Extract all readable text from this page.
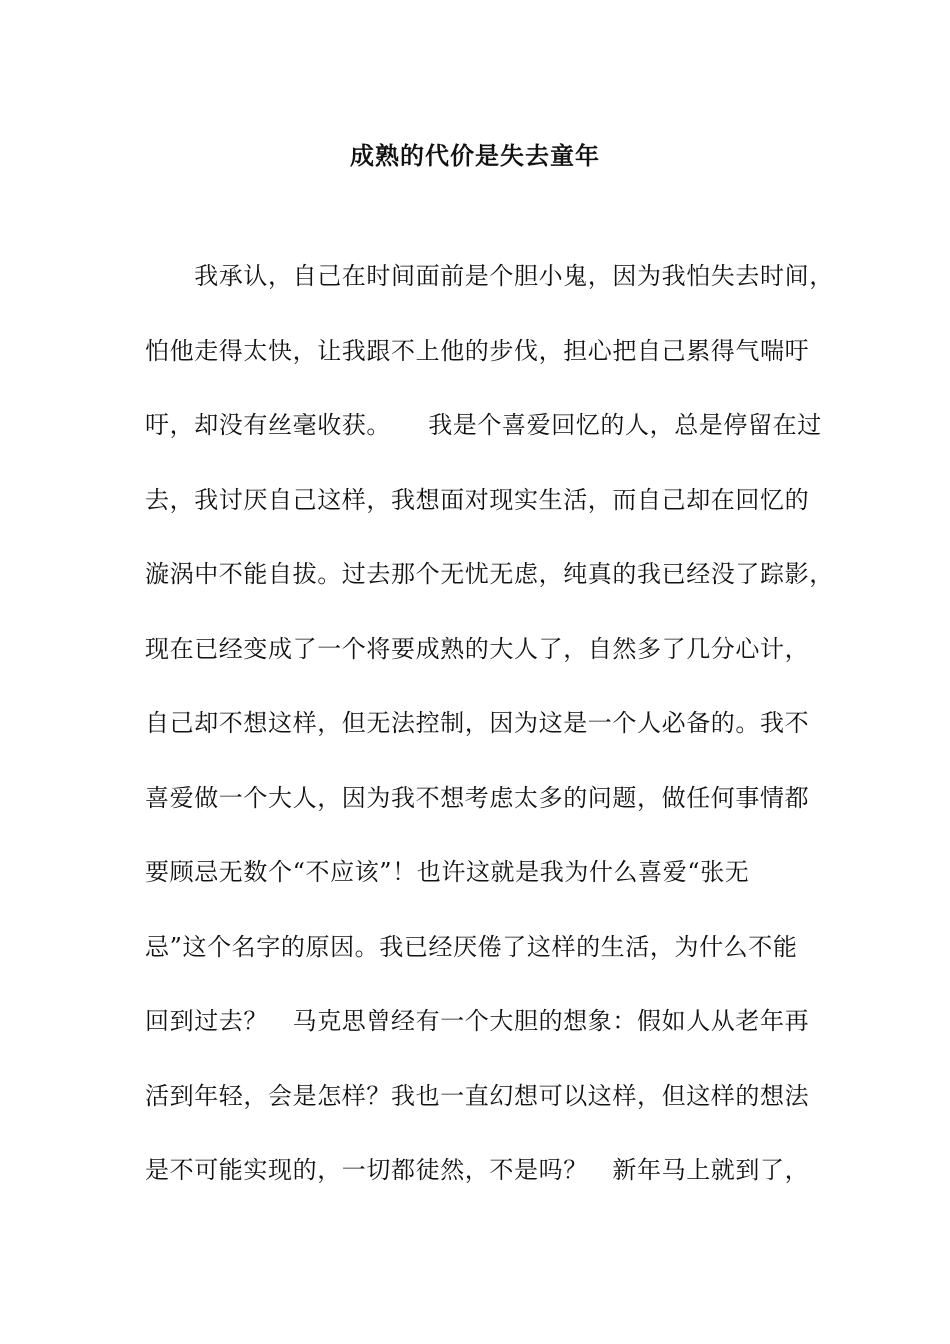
成熟的代价是失去童年
　　我承认，自己在时间面前是个胆小鬼，因为我怕失去时间，
怕他走得太快，让我跟不上他的步伐，担心把自己累得气喘吁
吁，却没有丝毫收获。　　我是个喜爱回忆的人，总是停留在过
去，我讨厌自己这样，我想面对现实生活，而自己却在回忆的
漩涡中不能自拔。过去那个无忧无虑，纯真的我已经没了踪影，
现在已经变成了一个将要成熟的大人了，自然多了几分心计，
自己却不想这样，但无法控制，因为这是一个人必备的。我不
喜爱做一个大人，因为我不想考虑太多的问题，做任何事情都
要顾忌无数个“不应该”！也许这就是我为什么喜爱“张无
忌”这个名字的原因。我已经厌倦了这样的生活，为什么不能
回到过去？　马克思曾经有一个大胆的想象：假如人从老年再
活到年轻，会是怎样？我也一直幻想可以这样，但这样的想法
是不可能实现的，一切都徒然，不是吗？　新年马上就到了，
